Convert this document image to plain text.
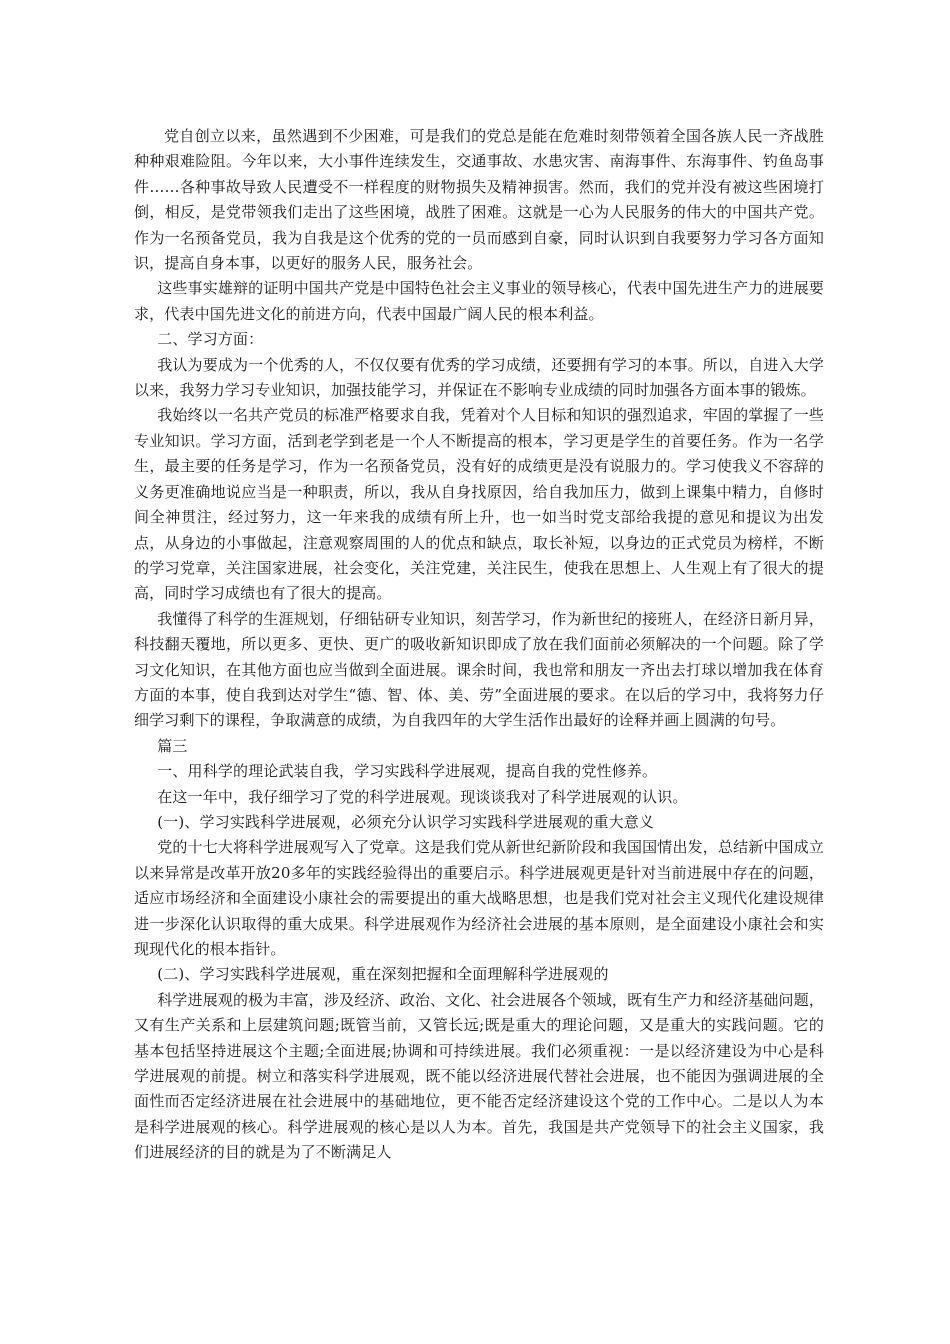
党自创立以来，虽然遇到不少困难，可是我们的党总是能在危难时刻带领着全国各族人民一齐战胜种种艰难险阻。今年以来，大小事件连续发生，交通事故、水患灾害、南海事件、东海事件、钓鱼岛事件……各种事故导致人民遭受不一样程度的财物损失及精神损害。然而，我们的党并没有被这些困境打倒，相反，是党带领我们走出了这些困境，战胜了困难。这就是一心为人民服务的伟大的中国共产党。作为一名预备党员，我为自我是这个优秀的党的一员而感到自豪，同时认识到自我要努力学习各方面知识，提高自身本事，以更好的服务人民，服务社会。

这些事实雄辩的证明中国共产党是中国特色社会主义事业的领导核心，代表中国先进生产力的进展要求，代表中国先进文化的前进方向，代表中国最广阔人民的根本利益。

二、学习方面：

我认为要成为一个优秀的人，不仅仅要有优秀的学习成绩，还要拥有学习的本事。所以，自进入大学以来，我努力学习专业知识，加强技能学习，并保证在不影响专业成绩的同时加强各方面本事的锻炼。

我始终以一名共产党员的标准严格要求自我，凭着对个人目标和知识的强烈追求，牢固的掌握了一些专业知识。学习方面，活到老学到老是一个人不断提高的根本，学习更是学生的首要任务。作为一名学生，最主要的任务是学习，作为一名预备党员，没有好的成绩更是没有说服力的。学习使我义不容辞的义务更准确地说应当是一种职责，所以，我从自身找原因，给自我加压力，做到上课集中精力，自修时间全神贯注，经过努力，这一年来我的成绩有所上升，也一如当时党支部给我提的意见和提议为出发点，从身边的小事做起，注意观察周围的人的优点和缺点，取长补短，以身边的正式党员为榜样，不断的学习党章，关注国家进展，社会变化，关注党建，关注民生，使我在思想上、人生观上有了很大的提高，同时学习成绩也有了很大的提高。

我懂得了科学的生涯规划，仔细钻研专业知识，刻苦学习，作为新世纪的接班人，在经济日新月异，科技翻天覆地，所以更多、更快、更广的吸收新知识即成了放在我们面前必须解决的一个问题。除了学习文化知识，在其他方面也应当做到全面进展。课余时间，我也常和朋友一齐出去打球以增加我在体育方面的本事，使自我到达对学生“德、智、体、美、劳”全面进展的要求。在以后的学习中，我将努力仔细学习剩下的课程，争取满意的成绩，为自我四年的大学生活作出最好的诠释并画上圆满的句号。

篇三

一、用科学的理论武装自我，学习实践科学进展观，提高自我的党性修养。

在这一年中，我仔细学习了党的科学进展观。现谈谈我对了科学进展观的认识。

(一)、学习实践科学进展观，必须充分认识学习实践科学进展观的重大意义

党的十七大将科学进展观写入了党章。这是我们党从新世纪新阶段和我国国情出发，总结新中国成立以来异常是改革开放20多年的实践经验得出的重要启示。科学进展观更是针对当前进展中存在的问题，适应市场经济和全面建设小康社会的需要提出的重大战略思想，也是我们党对社会主义现代化建设规律进一步深化认识取得的重大成果。科学进展观作为经济社会进展的基本原则，是全面建设小康社会和实现现代化的根本指针。

(二)、学习实践科学进展观，重在深刻把握和全面理解科学进展观的

科学进展观的极为丰富，涉及经济、政治、文化、社会进展各个领域，既有生产力和经济基础问题，又有生产关系和上层建筑问题;既管当前，又管长远;既是重大的理论问题，又是重大的实践问题。它的基本包括坚持进展这个主题;全面进展;协调和可持续进展。我们必须重视：一是以经济建设为中心是科学进展观的前提。树立和落实科学进展观，既不能以经济进展代替社会进展，也不能因为强调进展的全面性而否定经济进展在社会进展中的基础地位，更不能否定经济建设这个党的工作中心。二是以人为本是科学进展观的核心。科学进展观的核心是以人为本。首先，我国是共产党领导下的社会主义国家，我们进展经济的目的就是为了不断满足人
